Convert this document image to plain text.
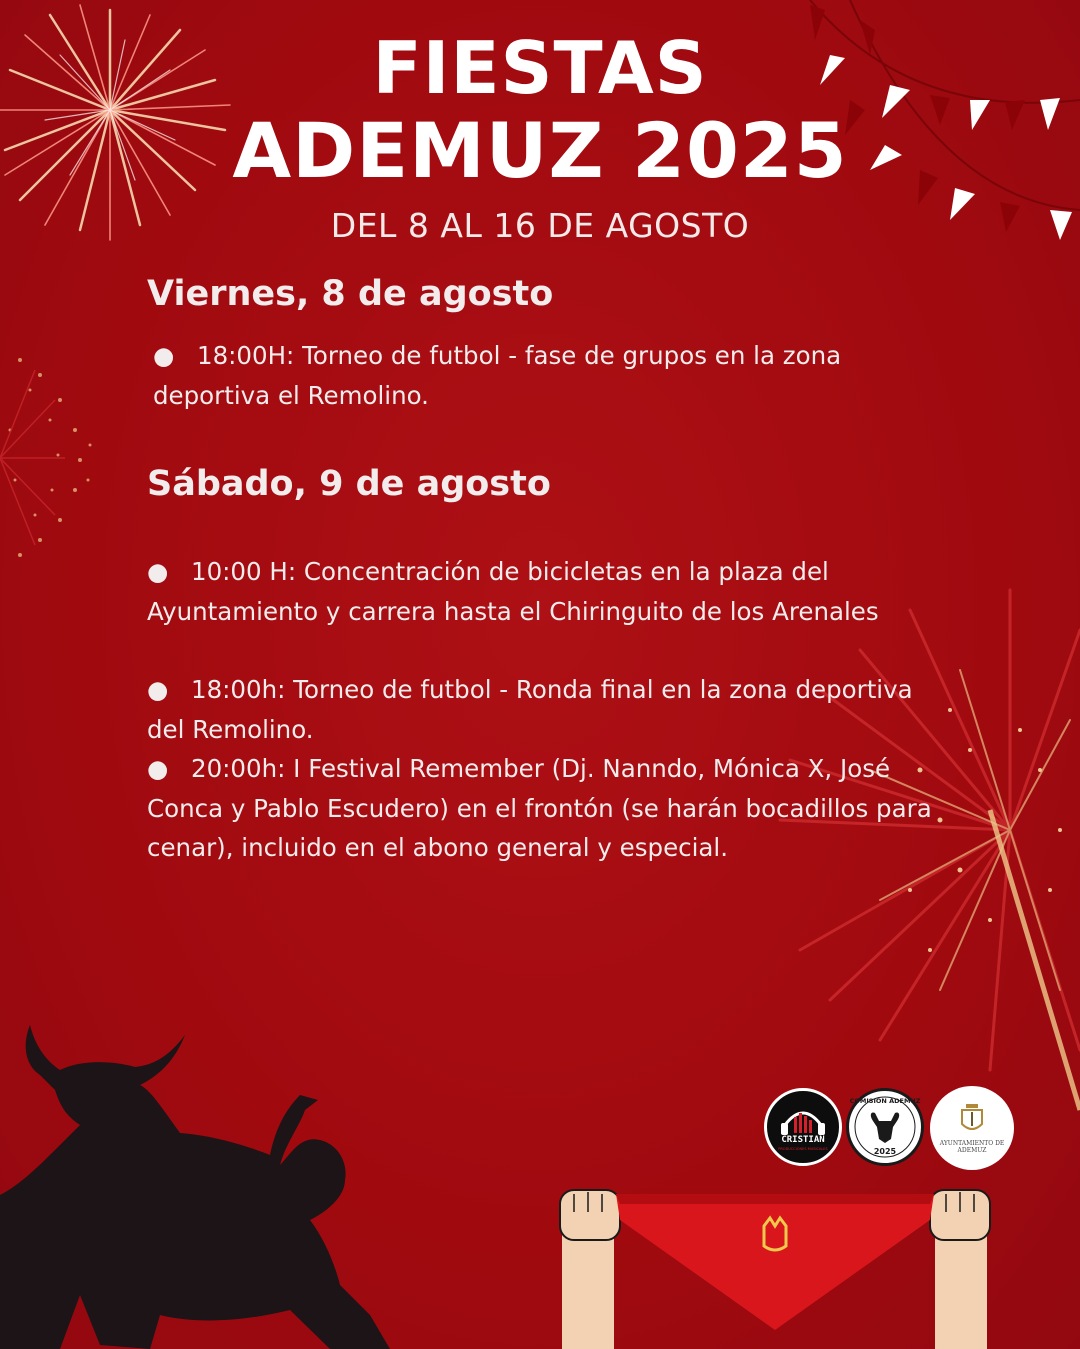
FIESTAS
ADEMUZ 2025
DEL 8 AL 16 DE AGOSTO
Viernes, 8 de agosto
● 18:00H: Torneo de futbol - fase de grupos en la zona deportiva el Remolino.
Sábado, 9 de agosto
● 10:00 H: Concentración de bicicletas en la plaza del Ayuntamiento y carrera hasta el Chiringuito de los Arenales
● 18:00h: Torneo de futbol - Ronda final en la zona deportiva del Remolino.
● 20:00h: I Festival Remember (Dj. Nanndo, Mónica X, José Conca y Pablo Escudero) en el frontón (se harán bocadillos para cenar), incluido en el abono general y especial.
CRISTIAN
PRODUCCIONES MUSICALES
COMISION ADEMUZ
2025
AYUNTAMIENTO DE ADEMUZ
